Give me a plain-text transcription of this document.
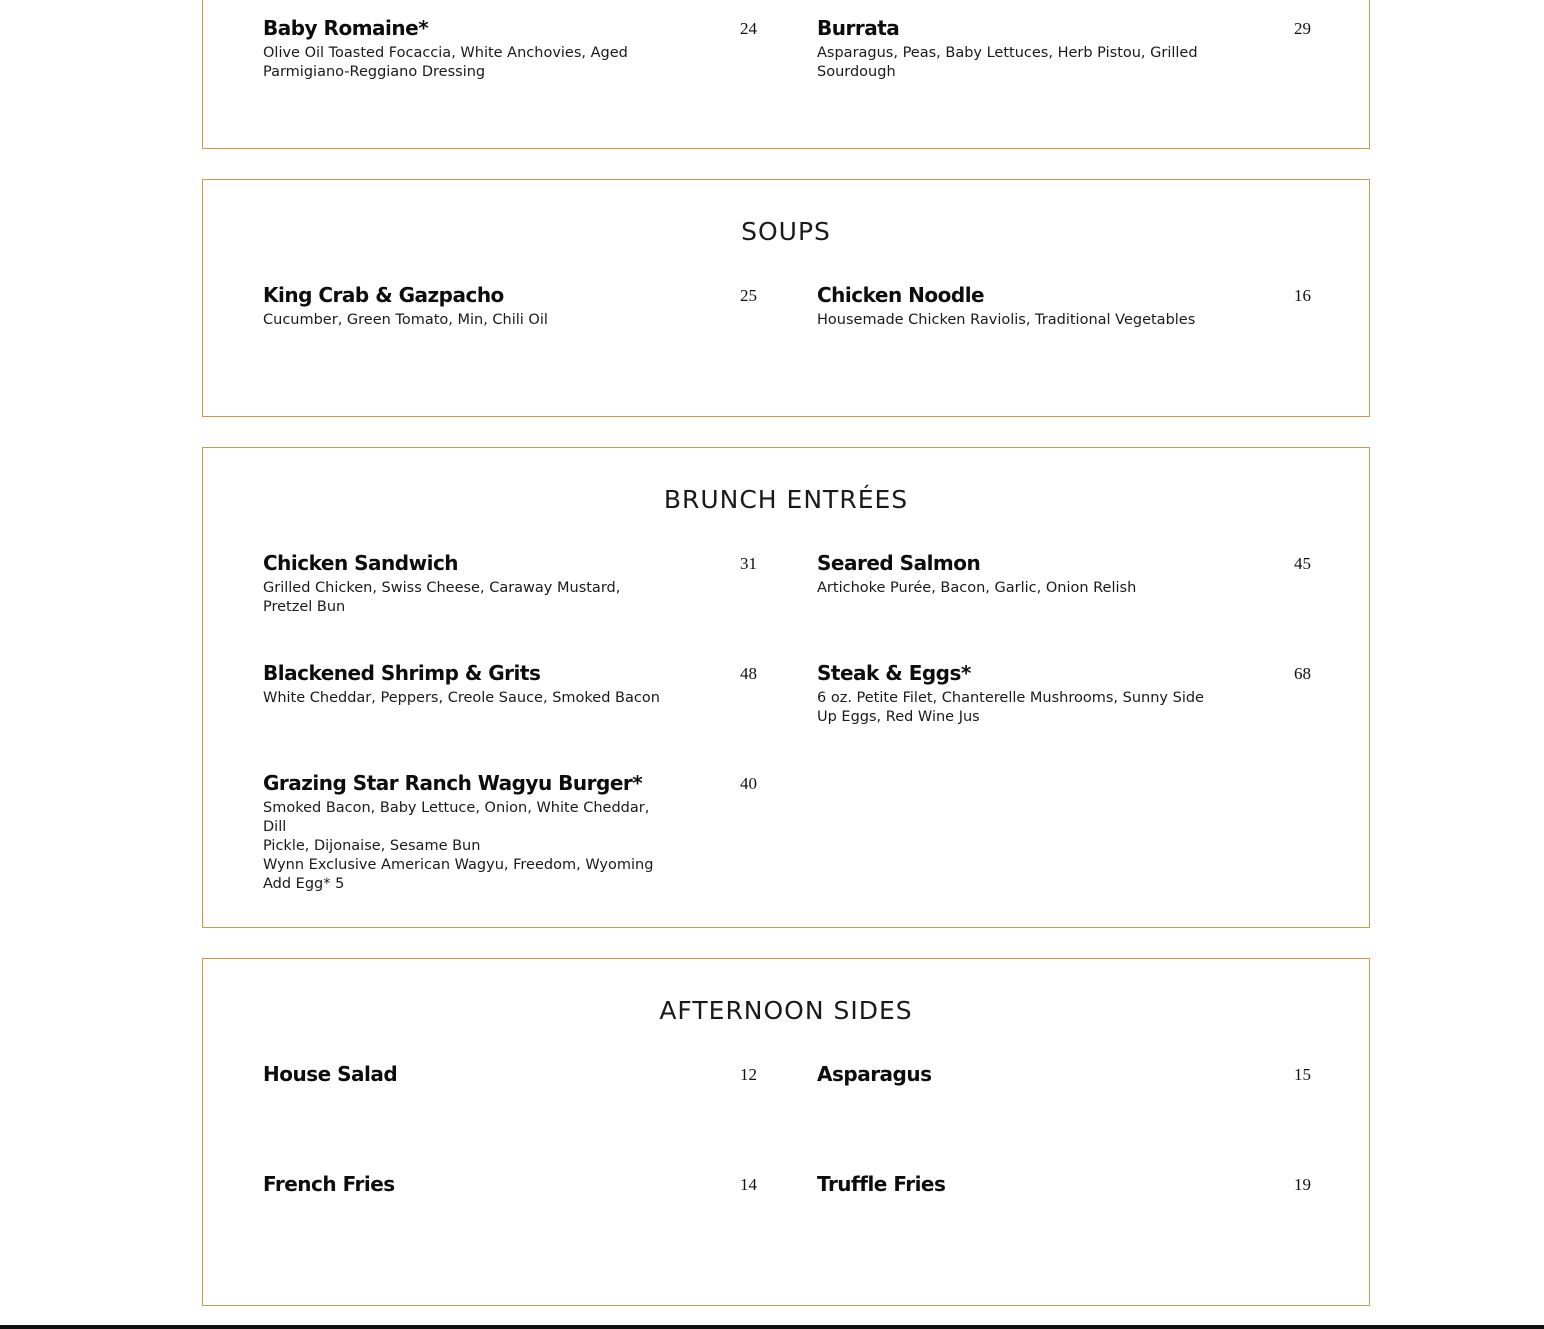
Baby Romaine*	24
Olive Oil Toasted Focaccia, White Anchovies, Aged
Parmigiano-Reggiano Dressing
Burrata	29
Asparagus, Peas, Baby Lettuces, Herb Pistou, Grilled
Sourdough
SOUPS
King Crab & Gazpacho	25
Cucumber, Green Tomato, Min, Chili Oil
Chicken Noodle	16
Housemade Chicken Raviolis, Traditional Vegetables
BRUNCH ENTRÉES
Chicken Sandwich	31
Grilled Chicken, Swiss Cheese, Caraway Mustard,
Pretzel Bun
Seared Salmon	45
Artichoke Purée, Bacon, Garlic, Onion Relish
Blackened Shrimp & Grits	48
White Cheddar, Peppers, Creole Sauce, Smoked Bacon
Steak & Eggs*	68
6 oz. Petite Filet, Chanterelle Mushrooms, Sunny Side
Up Eggs, Red Wine Jus
Grazing Star Ranch Wagyu Burger*	40
Smoked Bacon, Baby Lettuce, Onion, White Cheddar, Dill
Pickle, Dijonaise, Sesame Bun
Wynn Exclusive American Wagyu, Freedom, Wyoming
Add Egg* 5
AFTERNOON SIDES
House Salad	12	Asparagus	15
French Fries	14	Truffle Fries	19
